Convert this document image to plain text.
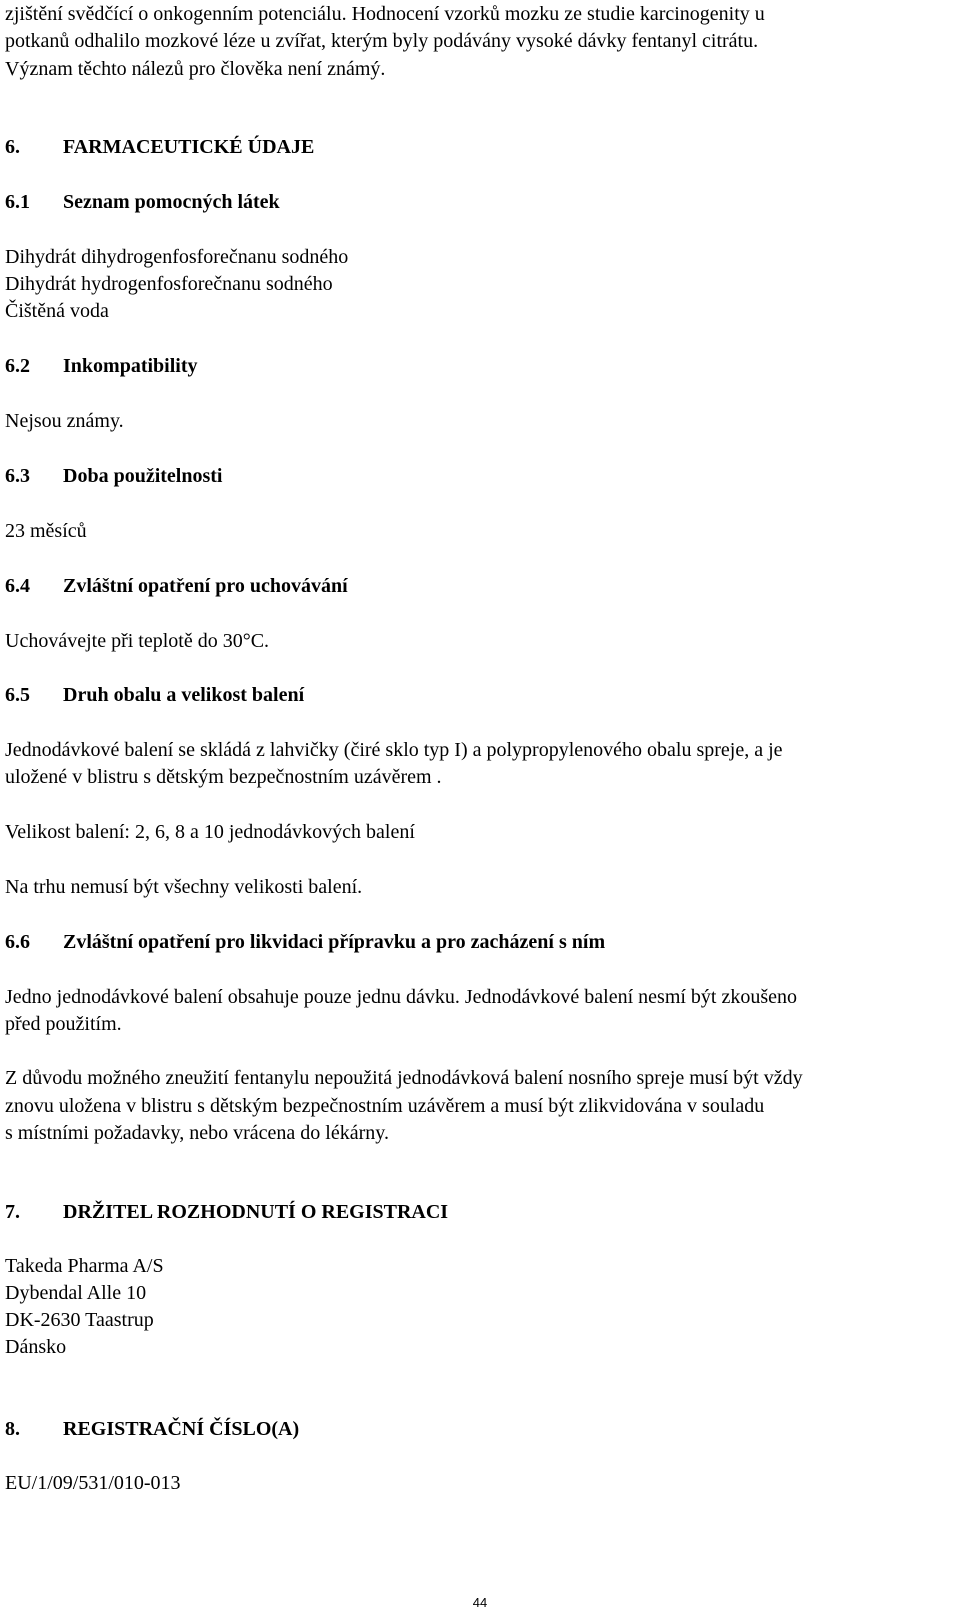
zjištění svědčící o onkogenním potenciálu. Hodnocení vzorků mozku ze studie karcinogenity u
potkanů odhalilo mozkové léze u zvířat, kterým byly podávány vysoké dávky fentanyl citrátu.
Význam těchto nálezů pro člověka není známý.
6. FARMACEUTICKÉ ÚDAJE
6.1 Seznam pomocných látek
Dihydrát dihydrogenfosforečnanu sodného
Dihydrát hydrogenfosforečnanu sodného
Čištěná voda
6.2 Inkompatibility
Nejsou známy.
6.3 Doba použitelnosti
23 měsíců
6.4 Zvláštní opatření pro uchovávání
Uchovávejte při teplotě do 30°C.
6.5 Druh obalu a velikost balení
Jednodávkové balení se skládá z lahvičky (čiré sklo typ I) a polypropylenového obalu spreje, a je
uložené v blistru s dětským bezpečnostním uzávěrem .
Velikost balení: 2, 6, 8 a 10 jednodávkových balení
Na trhu nemusí být všechny velikosti balení.
6.6 Zvláštní opatření pro likvidaci přípravku a pro zacházení s ním
Jedno jednodávkové balení obsahuje pouze jednu dávku. Jednodávkové balení nesmí být zkoušeno
před použitím.
Z důvodu možného zneužití fentanylu nepoužitá jednodávková balení nosního spreje musí být vždy
znovu uložena v blistru s dětským bezpečnostním uzávěrem a musí být zlikvidována v souladu
s místními požadavky, nebo vrácena do lékárny.
7. DRŽITEL ROZHODNUTÍ O REGISTRACI
Takeda Pharma A/S
Dybendal Alle 10
DK-2630 Taastrup
Dánsko
8. REGISTRAČNÍ ČÍSLO(A)
EU/1/09/531/010-013
44
